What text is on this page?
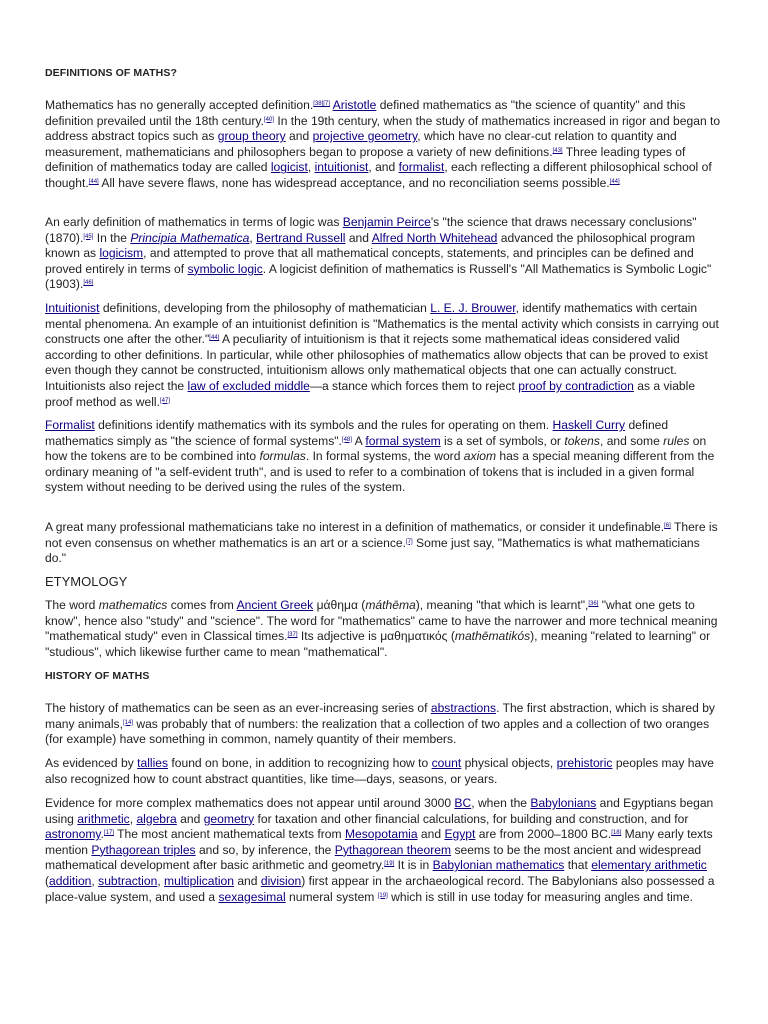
DEFINITIONS OF MATHS?

Mathematics has no generally accepted definition.[38][7] Aristotle defined mathematics as "the science of quantity" and this definition prevailed until the 18th century.[40] In the 19th century, when the study of mathematics increased in rigor and began to address abstract topics such as group theory and projective geometry, which have no clear-cut relation to quantity and measurement, mathematicians and philosophers began to propose a variety of new definitions.[43] Three leading types of definition of mathematics today are called logicist, intuitionist, and formalist, each reflecting a different philosophical school of thought.[44] All have severe flaws, none has widespread acceptance, and no reconciliation seems possible.[44]

An early definition of mathematics in terms of logic was Benjamin Peirce's "the science that draws necessary conclusions" (1870).[45] In the Principia Mathematica, Bertrand Russell and Alfred North Whitehead advanced the philosophical program known as logicism, and attempted to prove that all mathematical concepts, statements, and principles can be defined and proved entirely in terms of symbolic logic. A logicist definition of mathematics is Russell's "All Mathematics is Symbolic Logic" (1903).[46]

Intuitionist definitions, developing from the philosophy of mathematician L. E. J. Brouwer, identify mathematics with certain mental phenomena. An example of an intuitionist definition is "Mathematics is the mental activity which consists in carrying out constructs one after the other."[44] A peculiarity of intuitionism is that it rejects some mathematical ideas considered valid according to other definitions. In particular, while other philosophies of mathematics allow objects that can be proved to exist even though they cannot be constructed, intuitionism allows only mathematical objects that one can actually construct. Intuitionists also reject the law of excluded middle—a stance which forces them to reject proof by contradiction as a viable proof method as well.[47]

Formalist definitions identify mathematics with its symbols and the rules for operating on them. Haskell Curry defined mathematics simply as "the science of formal systems".[48] A formal system is a set of symbols, or tokens, and some rules on how the tokens are to be combined into formulas. In formal systems, the word axiom has a special meaning different from the ordinary meaning of "a self-evident truth", and is used to refer to a combination of tokens that is included in a given formal system without needing to be derived using the rules of the system.

A great many professional mathematicians take no interest in a definition of mathematics, or consider it undefinable.[6] There is not even consensus on whether mathematics is an art or a science.[7] Some just say, "Mathematics is what mathematicians do."

ETYMOLOGY

The word mathematics comes from Ancient Greek μάθημα (máthēma), meaning "that which is learnt",[36] "what one gets to know", hence also "study" and "science". The word for "mathematics" came to have the narrower and more technical meaning "mathematical study" even in Classical times.[37] Its adjective is μαθηματικός (mathēmatikós), meaning "related to learning" or "studious", which likewise further came to mean "mathematical".

HISTORY OF MATHS

The history of mathematics can be seen as an ever-increasing series of abstractions. The first abstraction, which is shared by many animals,[14] was probably that of numbers: the realization that a collection of two apples and a collection of two oranges (for example) have something in common, namely quantity of their members.

As evidenced by tallies found on bone, in addition to recognizing how to count physical objects, prehistoric peoples may have also recognized how to count abstract quantities, like time—days, seasons, or years.

Evidence for more complex mathematics does not appear until around 3000 BC, when the Babylonians and Egyptians began using arithmetic, algebra and geometry for taxation and other financial calculations, for building and construction, and for astronomy.[17] The most ancient mathematical texts from Mesopotamia and Egypt are from 2000–1800 BC.[18] Many early texts mention Pythagorean triples and so, by inference, the Pythagorean theorem seems to be the most ancient and widespread mathematical development after basic arithmetic and geometry.[19] It is in Babylonian mathematics that elementary arithmetic (addition, subtraction, multiplication and division) first appear in the archaeological record. The Babylonians also possessed a place-value system, and used a sexagesimal numeral system [19] which is still in use today for measuring angles and time.
